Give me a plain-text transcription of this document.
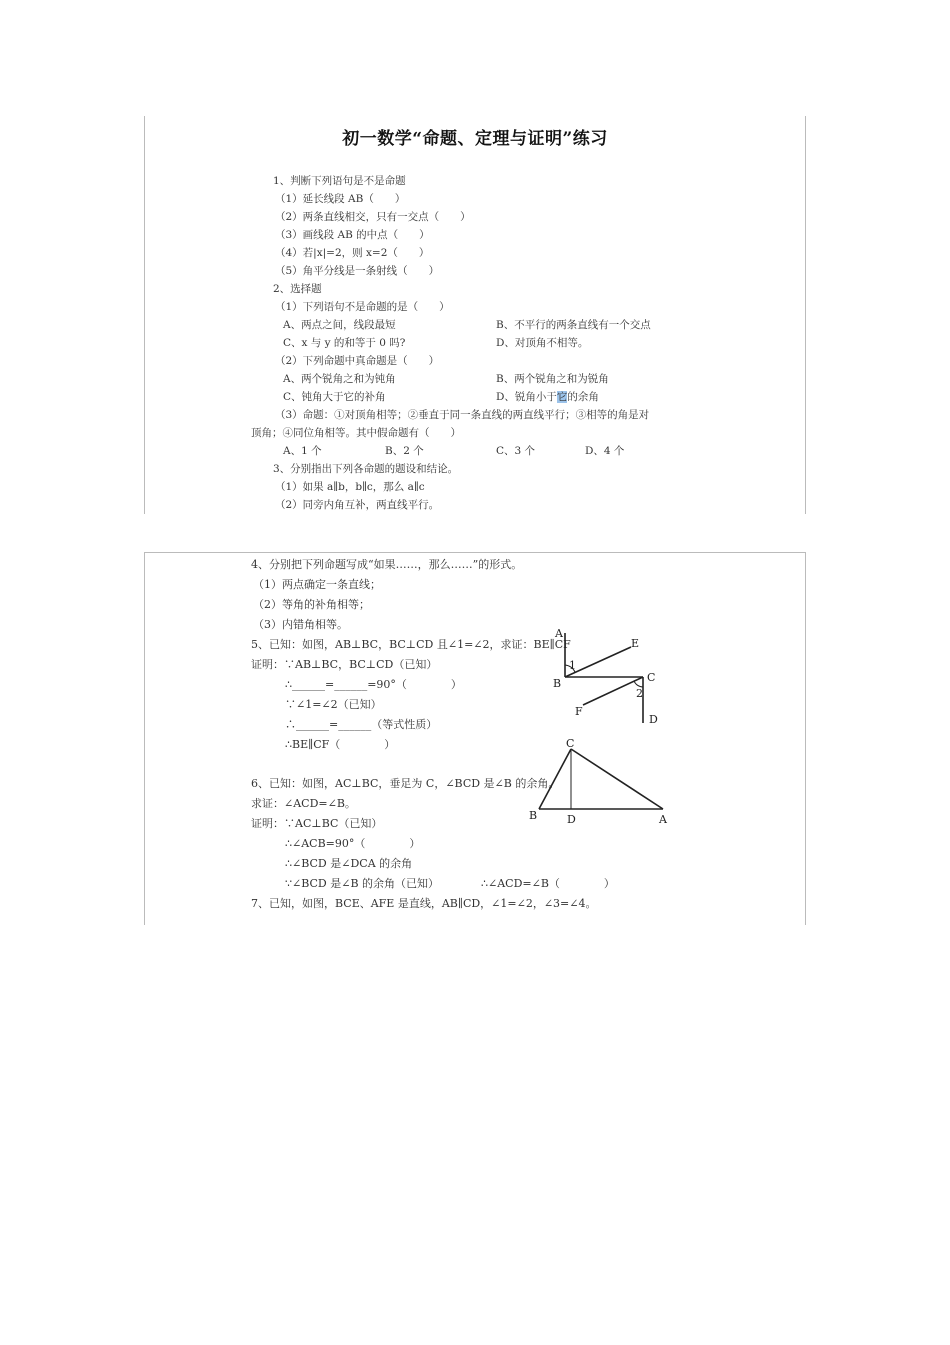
初一数学“命题、定理与证明”练习
1、判断下列语句是不是命题
（1）延长线段 AB（　　）
（2）两条直线相交，只有一交点（　　）
（3）画线段 AB 的中点（　　）
（4）若|x|=2，则 x=2（　　）
（5）角平分线是一条射线（　　）
2、选择题
（1）下列语句不是命题的是（　　）
A、两点之间，线段最短	B、不平行的两条直线有一个交点
C、x 与 y 的和等于 0 吗?	D、对顶角不相等。
（2）下列命题中真命题是（　　）
A、两个锐角之和为钝角	B、两个锐角之和为锐角
C、钝角大于它的补角	D、锐角小于它的余角
（3）命题：①对顶角相等；②垂直于同一条直线的两直线平行；③相等的角是对
顶角；④同位角相等。其中假命题有（　　）
A、1 个	B、2 个	C、3 个	D、4 个
3、分别指出下列各命题的题设和结论。
（1）如果 a∥b，b∥c，那么 a∥c
（2）同旁内角互补，两直线平行。
4、分别把下列命题写成“如果……，那么……”的形式。
（1）两点确定一条直线；
（2）等角的补角相等；
（3）内错角相等。
5、已知：如图，AB⊥BC，BC⊥CD 且∠1=∠2，求证：BE∥CF
证明：∵AB⊥BC，BC⊥CD（已知）
∴______=______=90°（　　　　）
∵∠1=∠2（已知）
∴______=______（等式性质）
∴BE∥CF（　　　　）
6、已知：如图，AC⊥BC，垂足为 C，∠BCD 是∠B 的余角。
求证：∠ACD=∠B。
证明：∵AC⊥BC（已知）
∴∠ACB=90°（　　　　）
∴∠BCD 是∠DCA 的余角
∵∠BCD 是∠B 的余角（已知）	∴∠ACD=∠B（　　　　）
7、已知，如图，BCE、AFE 是直线，AB∥CD，∠1=∠2，∠3=∠4。
A
E
1
B	C
2
F
D
C
B	D	A
